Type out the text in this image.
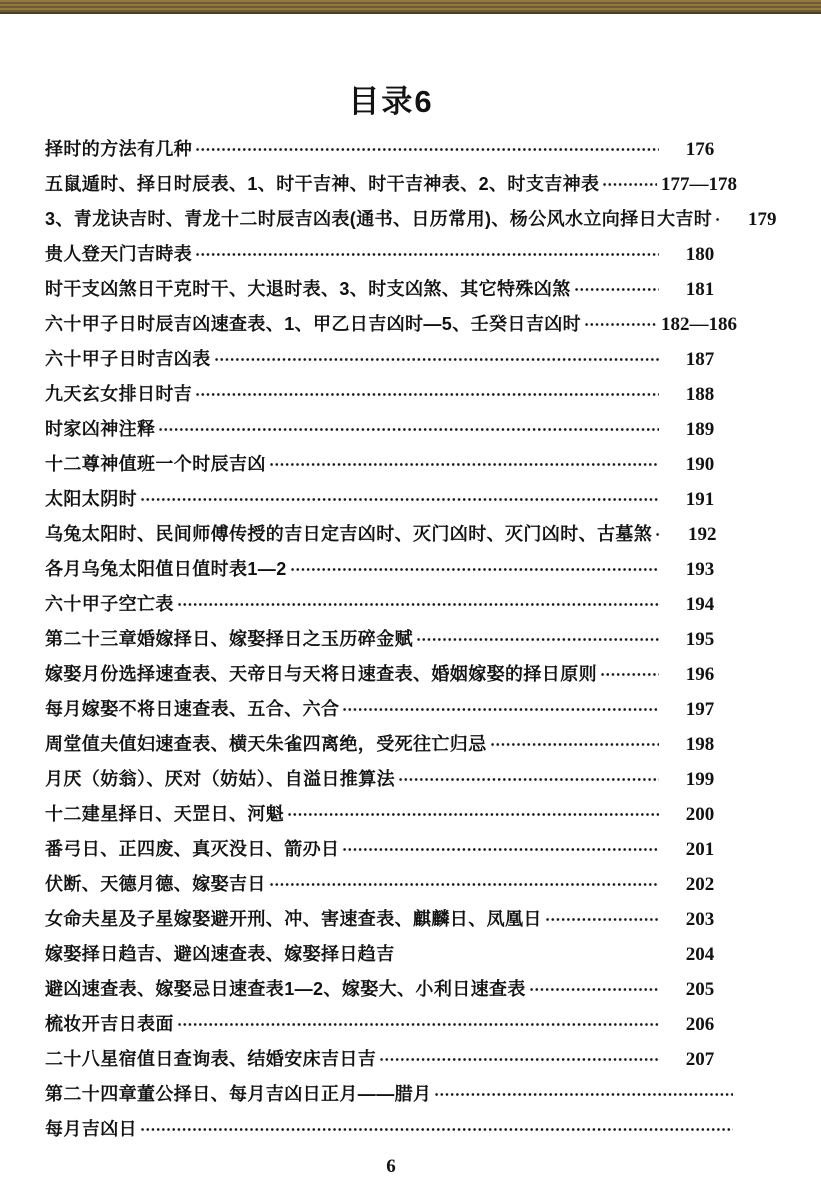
目录6
择时的方法有几种	176
五鼠遁时、择日时辰表、1、时干吉神、时干吉神表、2、时支吉神表	177—178
3、青龙诀吉时、青龙十二时辰吉凶表(通书、日历常用)、杨公风水立向择日大吉时	179
贵人登天门吉時表	180
时干支凶煞日干克时干、大退时表、3、时支凶煞、其它特殊凶煞	181
六十甲子日时辰吉凶速查表、1、甲乙日吉凶时—5、壬癸日吉凶时	182—186
六十甲子日时吉凶表	187
九天玄女排日时吉	188
时家凶神注释	189
十二尊神值班一个时辰吉凶	190
太阳太阴时	191
乌兔太阳时、民间师傅传授的吉日定吉凶时、灭门凶时、灭门凶时、古墓煞	192
各月乌兔太阳值日值时表1—2	193
六十甲子空亡表	194
第二十三章婚嫁择日、嫁娶择日之玉历碎金赋	195
嫁娶月份选择速查表、天帝日与天将日速查表、婚姻嫁娶的择日原则	196
每月嫁娶不将日速查表、五合、六合	197
周堂值夫值妇速查表、横天朱雀四离绝，受死往亡归忌	198
月厌（妨翁）、厌对（妨姑）、自溢日推算法	199
十二建星择日、天罡日、河魁	200
番弓日、正四废、真灭没日、箭刅日	201
伏断、天德月德、嫁娶吉日	202
女命夫星及子星嫁娶避开刑、冲、害速查表、麒麟日、凤凰日	203
嫁娶择日趋吉、避凶速查表、嫁娶择日趋吉	204
避凶速查表、嫁娶忌日速查表1—2、嫁娶大、小利日速查表	205
梳妆开吉日表面	206
二十八星宿值日查询表、结婚安床吉日吉	207
第二十四章董公择日、每月吉凶日正月——腊月
每月吉凶日
6
